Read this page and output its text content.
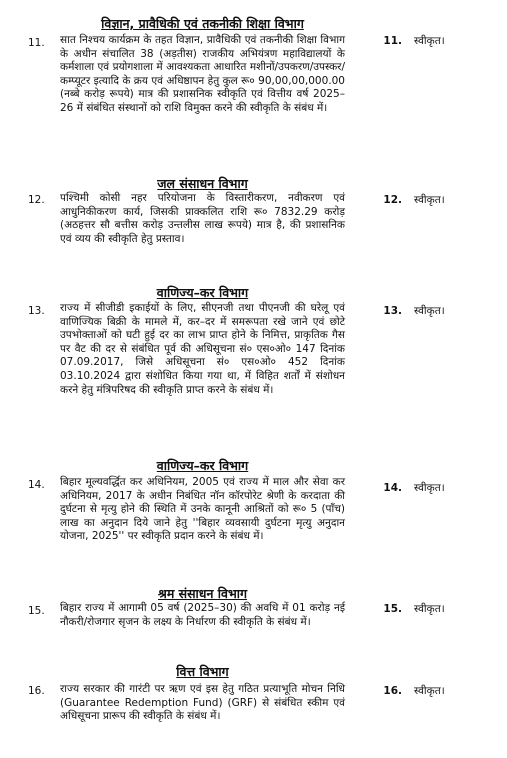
विज्ञान, प्रावैधिकी एवं तकनीकी शिक्षा विभाग
11.	सात निश्चय कार्यक्रम के तहत विज्ञान, प्रावैधिकी एवं तकनीकी शिक्षा विभाग के अधीन संचालित 38 (अड़तीस) राजकीय अभियंत्रण महाविद्यालयों के कर्मशाला एवं प्रयोगशाला में आवश्यकता आधारित मशीनों/उपकरण/उपस्कर/कम्प्यूटर इत्यादि के क्रय एवं अधिष्ठापन हेतु कुल रू० 90,00,00,000.00 (नब्बे करोड़ रूपये) मात्र की प्रशासनिक स्वीकृति एवं वित्तीय वर्ष 2025–26 में संबंधित संस्थानों को राशि विमुक्त करने की स्वीकृति के संबंध में।
11. स्वीकृत।
जल संसाधन विभाग
12.	पश्चिमी कोसी नहर परियोजना के विस्तारीकरण, नवीकरण एवं आधुनिकीकरण कार्य, जिसकी प्राक्कलित राशि रू० 7832.29 करोड़ (अठहत्तर सौ बत्तीस करोड़ उन्तलीस लाख रूपये) मात्र है, की प्रशासनिक एवं व्यय की स्वीकृति हेतु प्रस्ताव।
12. स्वीकृत।
वाणिज्य–कर विभाग
13.	राज्य में सीजीडी इकाईयों के लिए, सीएनजी तथा पीएनजी की घरेलू एवं वाणिज्यिक बिक्री के मामले में, कर–दर में समरूपता रखे जाने एवं छोटे उपभोक्ताओं को घटी हुई दर का लाभ प्राप्त होने के निमित्त, प्राकृतिक गैस पर वैट की दर से संबंधित पूर्व की अधिसूचना सं० एस०ओ० 147 दिनांक 07.09.2017, जिसे अधिसूचना सं० एस०ओ० 452 दिनांक 03.10.2024 द्वारा संशोधित किया गया था, में विहित शर्तों में संशोधन करने हेतु मंत्रिपरिषद की स्वीकृति प्राप्त करने के संबंध में।
13. स्वीकृत।
वाणिज्य–कर विभाग
14.	बिहार मूल्यवर्द्धित कर अधिनियम, 2005 एवं राज्य में माल और सेवा कर अधिनियम, 2017 के अधीन निबंधित नॉन कॉरपोरेट श्रेणी के करदाता की दुर्घटना से मृत्यु होने की स्थिति में उनके कानूनी आश्रितों को रू० 5 (पाँच) लाख का अनुदान दिये जाने हेतु ''बिहार व्यवसायी दुर्घटना मृत्यु अनुदान योजना, 2025'' पर स्वीकृति प्रदान करने के संबंध में।
14. स्वीकृत।
श्रम संसाधन विभाग
15.	बिहार राज्य में आगामी 05 वर्ष (2025–30) की अवधि में 01 करोड़ नई नौकरी/रोजगार सृजन के लक्ष्य के निर्धारण की स्वीकृति के संबंध में।
15. स्वीकृत।
वित्त विभाग
16.	राज्य सरकार की गारंटी पर ऋण एवं इस हेतु गठित प्रत्याभूति मोचन निधि (Guarantee Redemption Fund) (GRF) से संबंधित स्कीम एवं अधिसूचना प्रारूप की स्वीकृति के संबंध में।
16. स्वीकृत।
